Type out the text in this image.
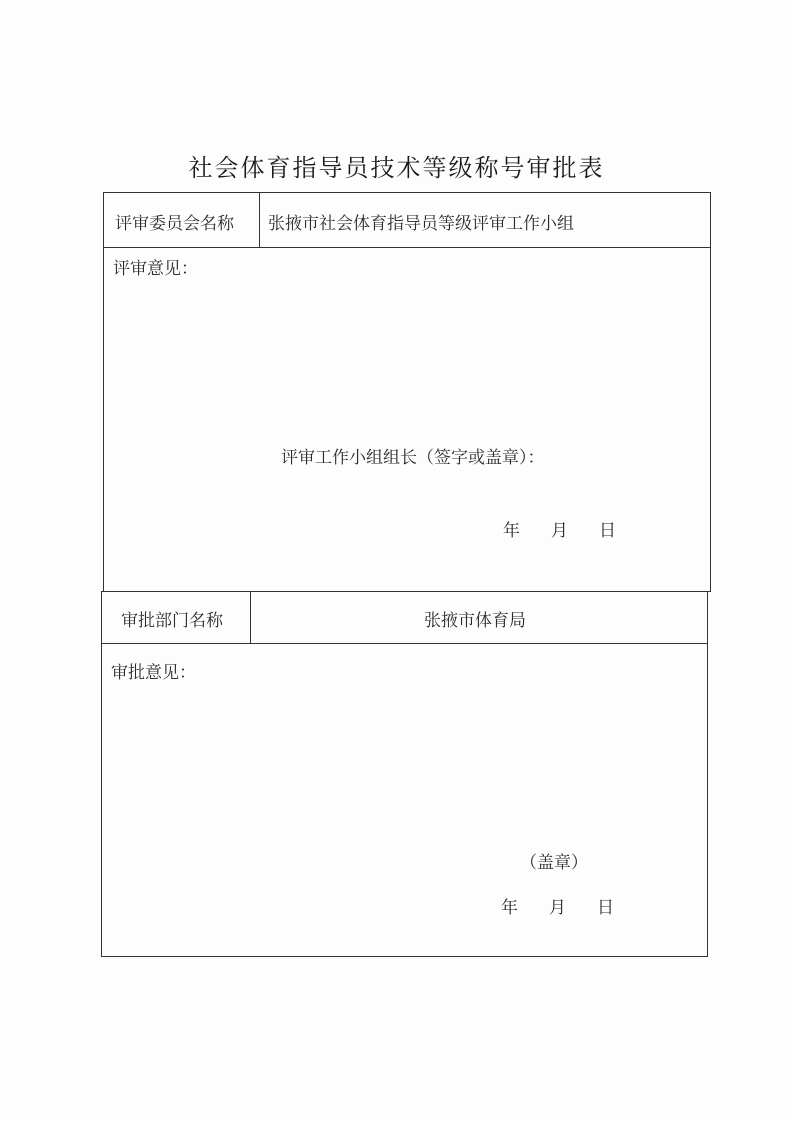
社会体育指导员技术等级称号审批表
评审委员会名称 张掖市社会体育指导员等级评审工作小组
评审意见：
评审工作小组组长（签字或盖章）：
年 月 日
审批部门名称	张掖市体育局
审批意见：
（盖章）
年 月 日
